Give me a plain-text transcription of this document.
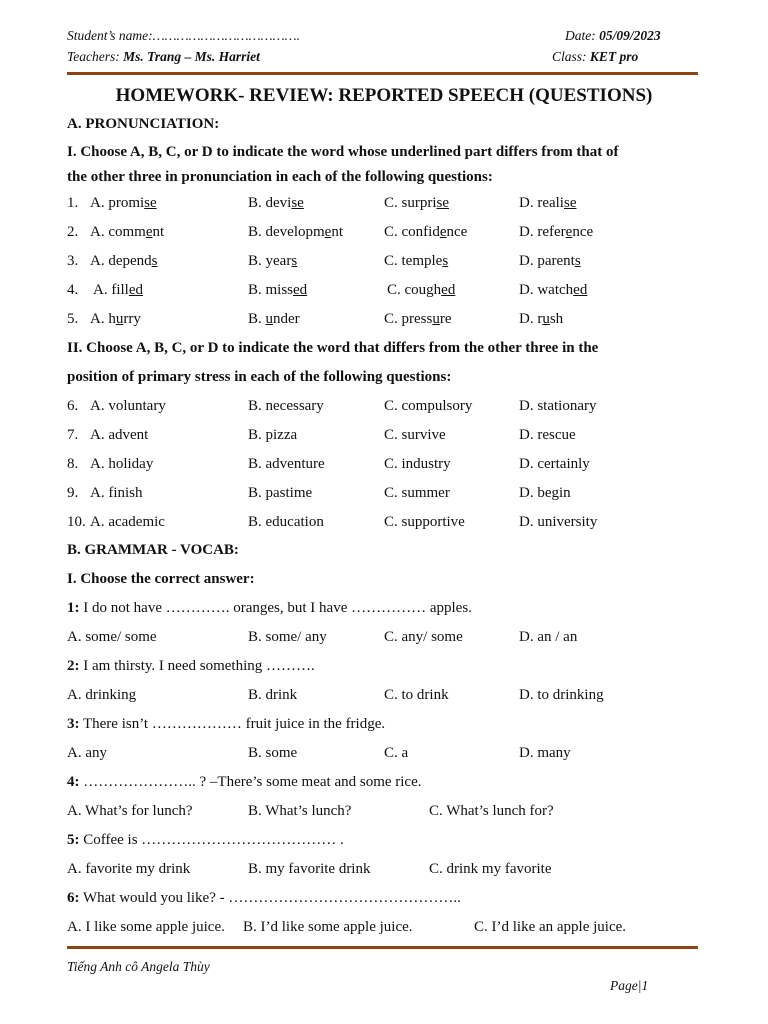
Student’s name:……………………………….	Date: 05/09/2023
Teachers: Ms. Trang – Ms. Harriet	Class: KET pro
HOMEWORK- REVIEW: REPORTED SPEECH (QUESTIONS)
A. PRONUNCIATION:
I. Choose A, B, C, or D to indicate the word whose underlined part differs from that of
the other three in pronunciation in each of the following questions:
1. A. promise	B. devise	C. surprise	D. realise
2. A. comment	B. development	C. confidence	D. reference
3. A. depends	B. years	C. temples	D. parents
4. A. filled	B. missed	C. coughed	D. watched
5. A. hurry	B. under	C. pressure	D. rush
II. Choose A, B, C, or D to indicate the word that differs from the other three in the
position of primary stress in each of the following questions:
6. A. voluntary	B. necessary	C. compulsory	D. stationary
7. A. advent	B. pizza	C. survive	D. rescue
8. A. holiday	B. adventure	C. industry	D. certainly
9. A. finish	B. pastime	C. summer	D. begin
10. A. academic	B. education	C. supportive	D. university
B. GRAMMAR - VOCAB:
I. Choose the correct answer:
1: I do not have …………. oranges, but I have …………… apples.
A. some/ some	B. some/ any	C. any/ some	D. an / an
2: I am thirsty. I need something ……….
A. drinking	B. drink	C. to drink	D. to drinking
3: There isn’t ……………… fruit juice in the fridge.
A. any	B. some	C. a	D. many
4: ………………….. ? –There’s some meat and some rice.
A. What’s for lunch?	B. What’s lunch?	C. What’s lunch for?
5: Coffee is ………………………………… .
A. favorite my drink	B. my favorite drink	C. drink my favorite
6: What would you like? - ………………………………………..
A. I like some apple juice. B. I’d like some apple juice.	C. I’d like an apple juice.
Tiếng Anh cô Angela Thùy
Page|1
